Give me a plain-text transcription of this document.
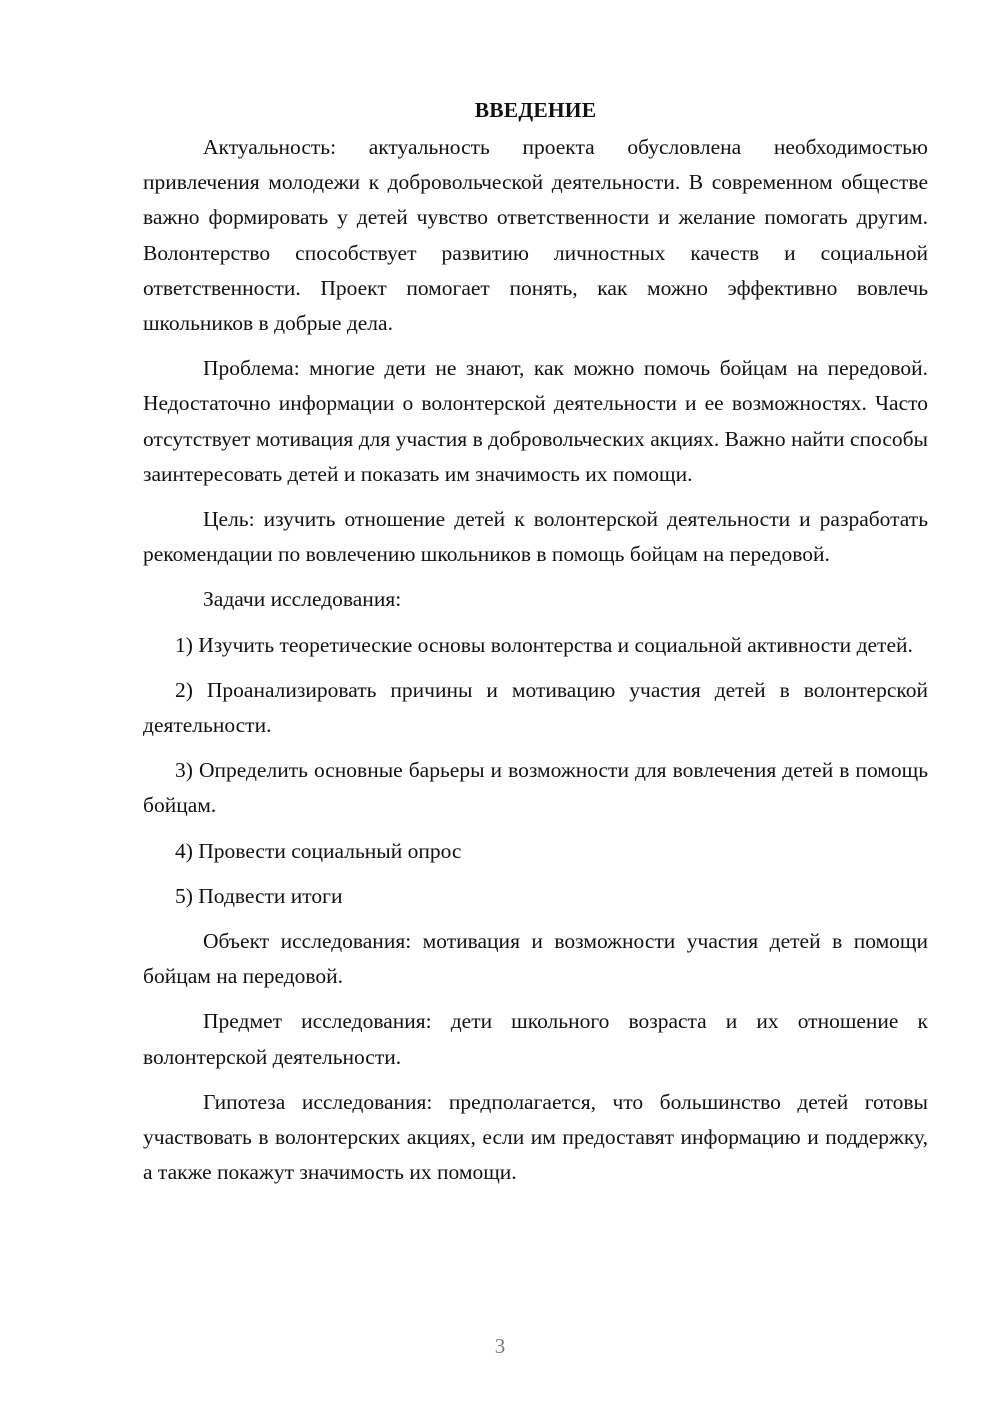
ВВЕДЕНИЕ

Актуальность: актуальность проекта обусловлена необходимостью привлечения молодежи к добровольческой деятельности. В современном обществе важно формировать у детей чувство ответственности и желание помогать другим. Волонтерство способствует развитию личностных качеств и социальной ответственности. Проект помогает понять, как можно эффективно вовлечь школьников в добрые дела.

Проблема: многие дети не знают, как можно помочь бойцам на передовой. Недостаточно информации о волонтерской деятельности и ее возможностях. Часто отсутствует мотивация для участия в добровольческих акциях. Важно найти способы заинтересовать детей и показать им значимость их помощи.

Цель: изучить отношение детей к волонтерской деятельности и разработать рекомендации по вовлечению школьников в помощь бойцам на передовой.

Задачи исследования:

1) Изучить теоретические основы волонтерства и социальной активности детей.

2) Проанализировать причины и мотивацию участия детей в волонтерской деятельности.

3) Определить основные барьеры и возможности для вовлечения детей в помощь бойцам.

4) Провести социальный опрос

5) Подвести итоги

Объект исследования: мотивация и возможности участия детей в помощи бойцам на передовой.

Предмет исследования: дети школьного возраста и их отношение к волонтерской деятельности.

Гипотеза исследования: предполагается, что большинство детей готовы участвовать в волонтерских акциях, если им предоставят информацию и поддержку, а также покажут значимость их помощи.

3
